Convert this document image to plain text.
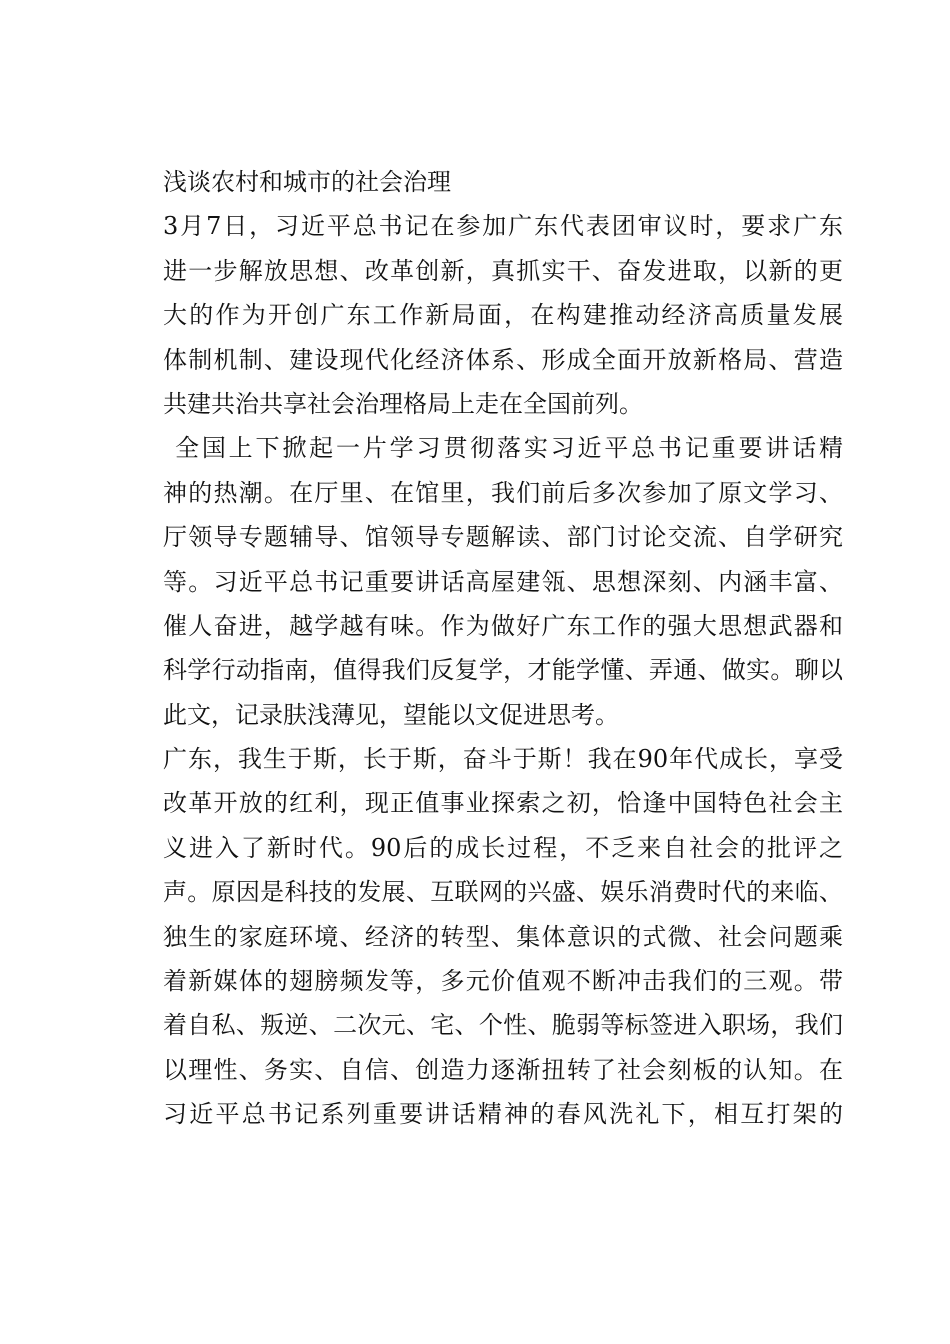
浅谈农村和城市的社会治理
3月7日，习近平总书记在参加广东代表团审议时，要求广东
进一步解放思想、改革创新，真抓实干、奋发进取，以新的更
大的作为开创广东工作新局面，在构建推动经济高质量发展
体制机制、建设现代化经济体系、形成全面开放新格局、营造
共建共治共享社会治理格局上走在全国前列。
全国上下掀起一片学习贯彻落实习近平总书记重要讲话精
神的热潮。在厅里、在馆里，我们前后多次参加了原文学习、
厅领导专题辅导、馆领导专题解读、部门讨论交流、自学研究
等。习近平总书记重要讲话高屋建瓴、思想深刻、内涵丰富、
催人奋进，越学越有味。作为做好广东工作的强大思想武器和
科学行动指南，值得我们反复学，才能学懂、弄通、做实。聊以
此文，记录肤浅薄见，望能以文促进思考。
广东，我生于斯，长于斯，奋斗于斯！我在90年代成长，享受
改革开放的红利，现正值事业探索之初，恰逢中国特色社会主
义进入了新时代。90后的成长过程，不乏来自社会的批评之
声。原因是科技的发展、互联网的兴盛、娱乐消费时代的来临、
独生的家庭环境、经济的转型、集体意识的式微、社会问题乘
着新媒体的翅膀频发等，多元价值观不断冲击我们的三观。带
着自私、叛逆、二次元、宅、个性、脆弱等标签进入职场，我们
以理性、务实、自信、创造力逐渐扭转了社会刻板的认知。在
习近平总书记系列重要讲话精神的春风洗礼下，相互打架的
